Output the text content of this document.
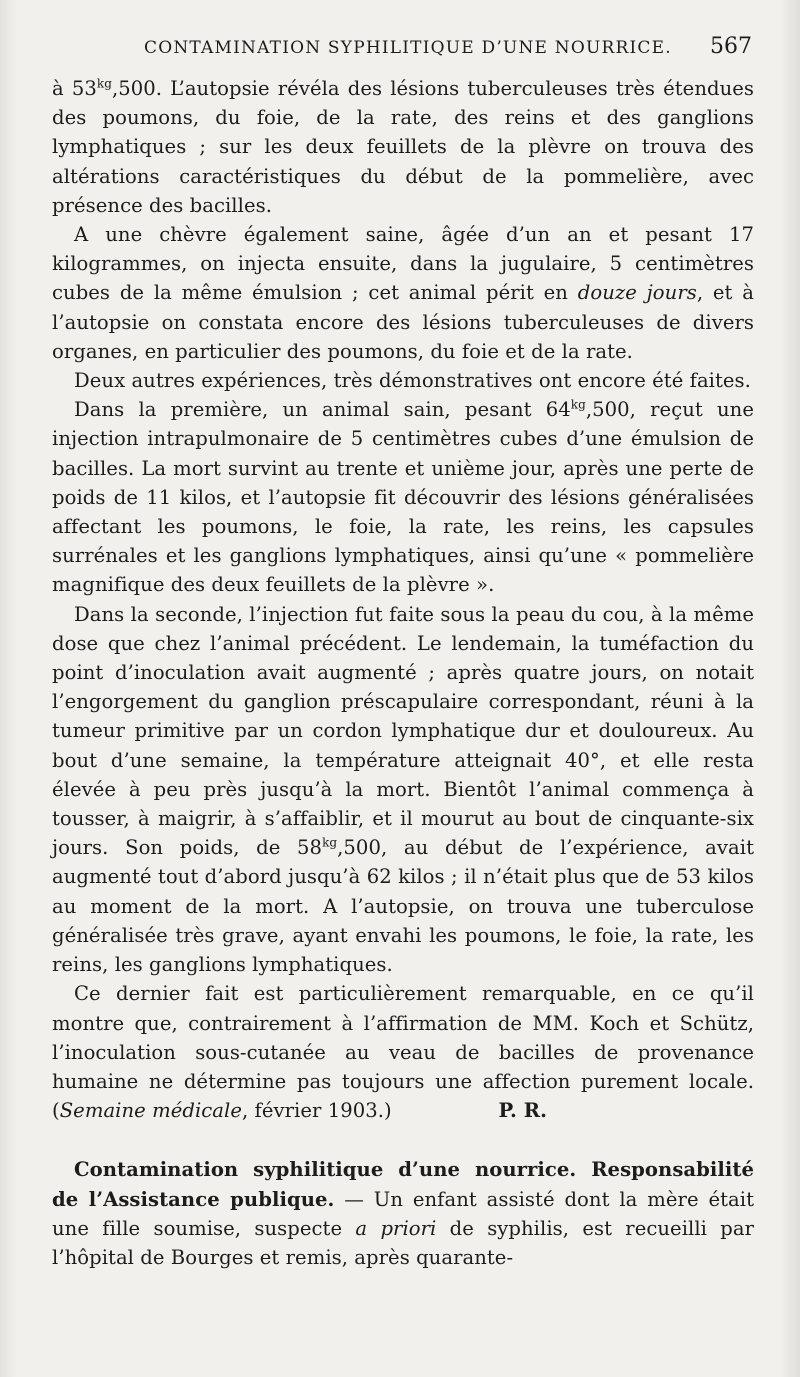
CONTAMINATION SYPHILITIQUE D’UNE NOURRICE. 567

à $53^{kg},500$. L’autopsie révéla des lésions tuberculeuses très étendues des poumons, du foie, de la rate, des reins et des ganglions lymphatiques ; sur les deux feuillets de la plèvre on trouva des altérations caractéristiques du début de la pommelière, avec présence des bacilles.

A une chèvre également saine, âgée d’un an et pesant 17 kilogrammes, on injecta ensuite, dans la jugulaire, 5 centimètres cubes de la même émulsion ; cet animal périt en douze jours, et à l’autopsie on constata encore des lésions tuberculeuses de divers organes, en particulier des poumons, du foie et de la rate.

Deux autres expériences, très démonstratives ont encore été faites.

Dans la première, un animal sain, pesant $64^{kg},500$, reçut une injection intrapulmonaire de 5 centimètres cubes d’une émulsion de bacilles. La mort survint au trente et unième jour, après une perte de poids de 11 kilos, et l’autopsie fit découvrir des lésions généralisées affectant les poumons, le foie, la rate, les reins, les capsules surrénales et les ganglions lymphatiques, ainsi qu’une « pommelière magnifique des deux feuillets de la plèvre ».

Dans la seconde, l’injection fut faite sous la peau du cou, à la même dose que chez l’animal précédent. Le lendemain, la tuméfaction du point d’inoculation avait augmenté ; après quatre jours, on notait l’engorgement du ganglion préscapulaire correspondant, réuni à la tumeur primitive par un cordon lymphatique dur et douloureux. Au bout d’une semaine, la température atteignait 40°, et elle resta élevée à peu près jusqu’à la mort. Bientôt l’animal commença à tousser, à maigrir, à s’affaiblir, et il mourut au bout de cinquante-six jours. Son poids, de $58^{kg},500$, au début de l’expérience, avait augmenté tout d’abord jusqu’à 62 kilos ; il n’était plus que de 53 kilos au moment de la mort. A l’autopsie, on trouva une tuberculose généralisée très grave, ayant envahi les poumons, le foie, la rate, les reins, les ganglions lymphatiques.

Ce dernier fait est particulièrement remarquable, en ce qu’il montre que, contrairement à l’affirmation de MM. Koch et Schütz, l’inoculation sous-cutanée au veau de bacilles de provenance humaine ne détermine pas toujours une affection purement locale. (Semaine médicale, février 1903.)	P. R.

Contamination syphilitique d’une nourrice. Responsabilité de l’Assistance publique. — Un enfant assisté dont la mère était une fille soumise, suspecte a priori de syphilis, est recueilli par l’hôpital de Bourges et remis, après quarante-
